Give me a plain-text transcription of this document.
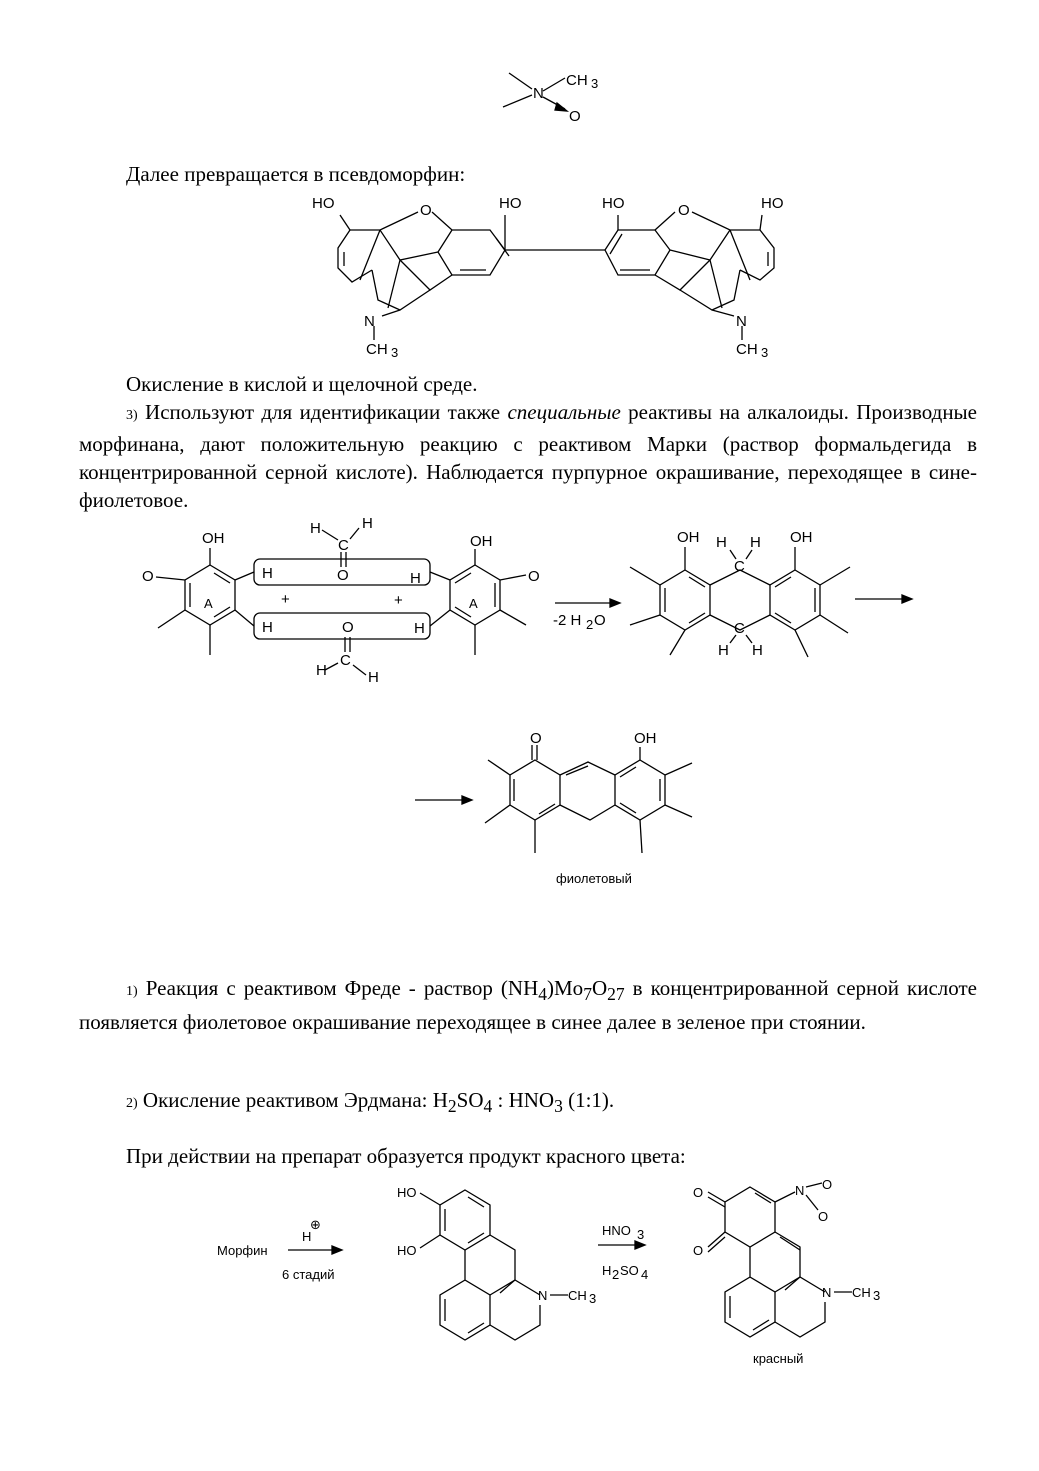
N
CH 3
O
Далее превращается в псевдоморфин:
HO	O	HO
N
CH 3
HO	O	HO
N
CH 3
Окисление в кислой и щелочной среде.
3) Используют для идентификации также специальные реактивы на алкалоиды. Производные морфинана, дают положительную реакцию с реактивом Марки (раствор формальдегида в концентрированной серной кислоте). Наблюдается пурпурное окрашивание, переходящее в сине-фиолетовое.
A
OH
O	H	H
H	H
H	H
C
O
+	+
O
C
H	H
A
OH
O
-2 H 2 O
OH	OH
C
C
H H
H H
O	OH
фиолетовый
1) Реакция с реактивом Фреде - раствор $(NH_4)Mo_7O_{27}$ в концентрированной серной кислоте появляется фиолетовое окрашивание переходящее в синее далее в зеленое при стоянии.
2) Окисление реактивом Эрдмана: $H_2SO_4$ : $HNO_3$ (1:1).
При действии на препарат образуется продукт красного цвета:
Морфин
H
⊕
6 стадий
HO
HO
N CH 3
HNO 3
H 2 SO 4
O
O
N O
O
N CH 3
красный
